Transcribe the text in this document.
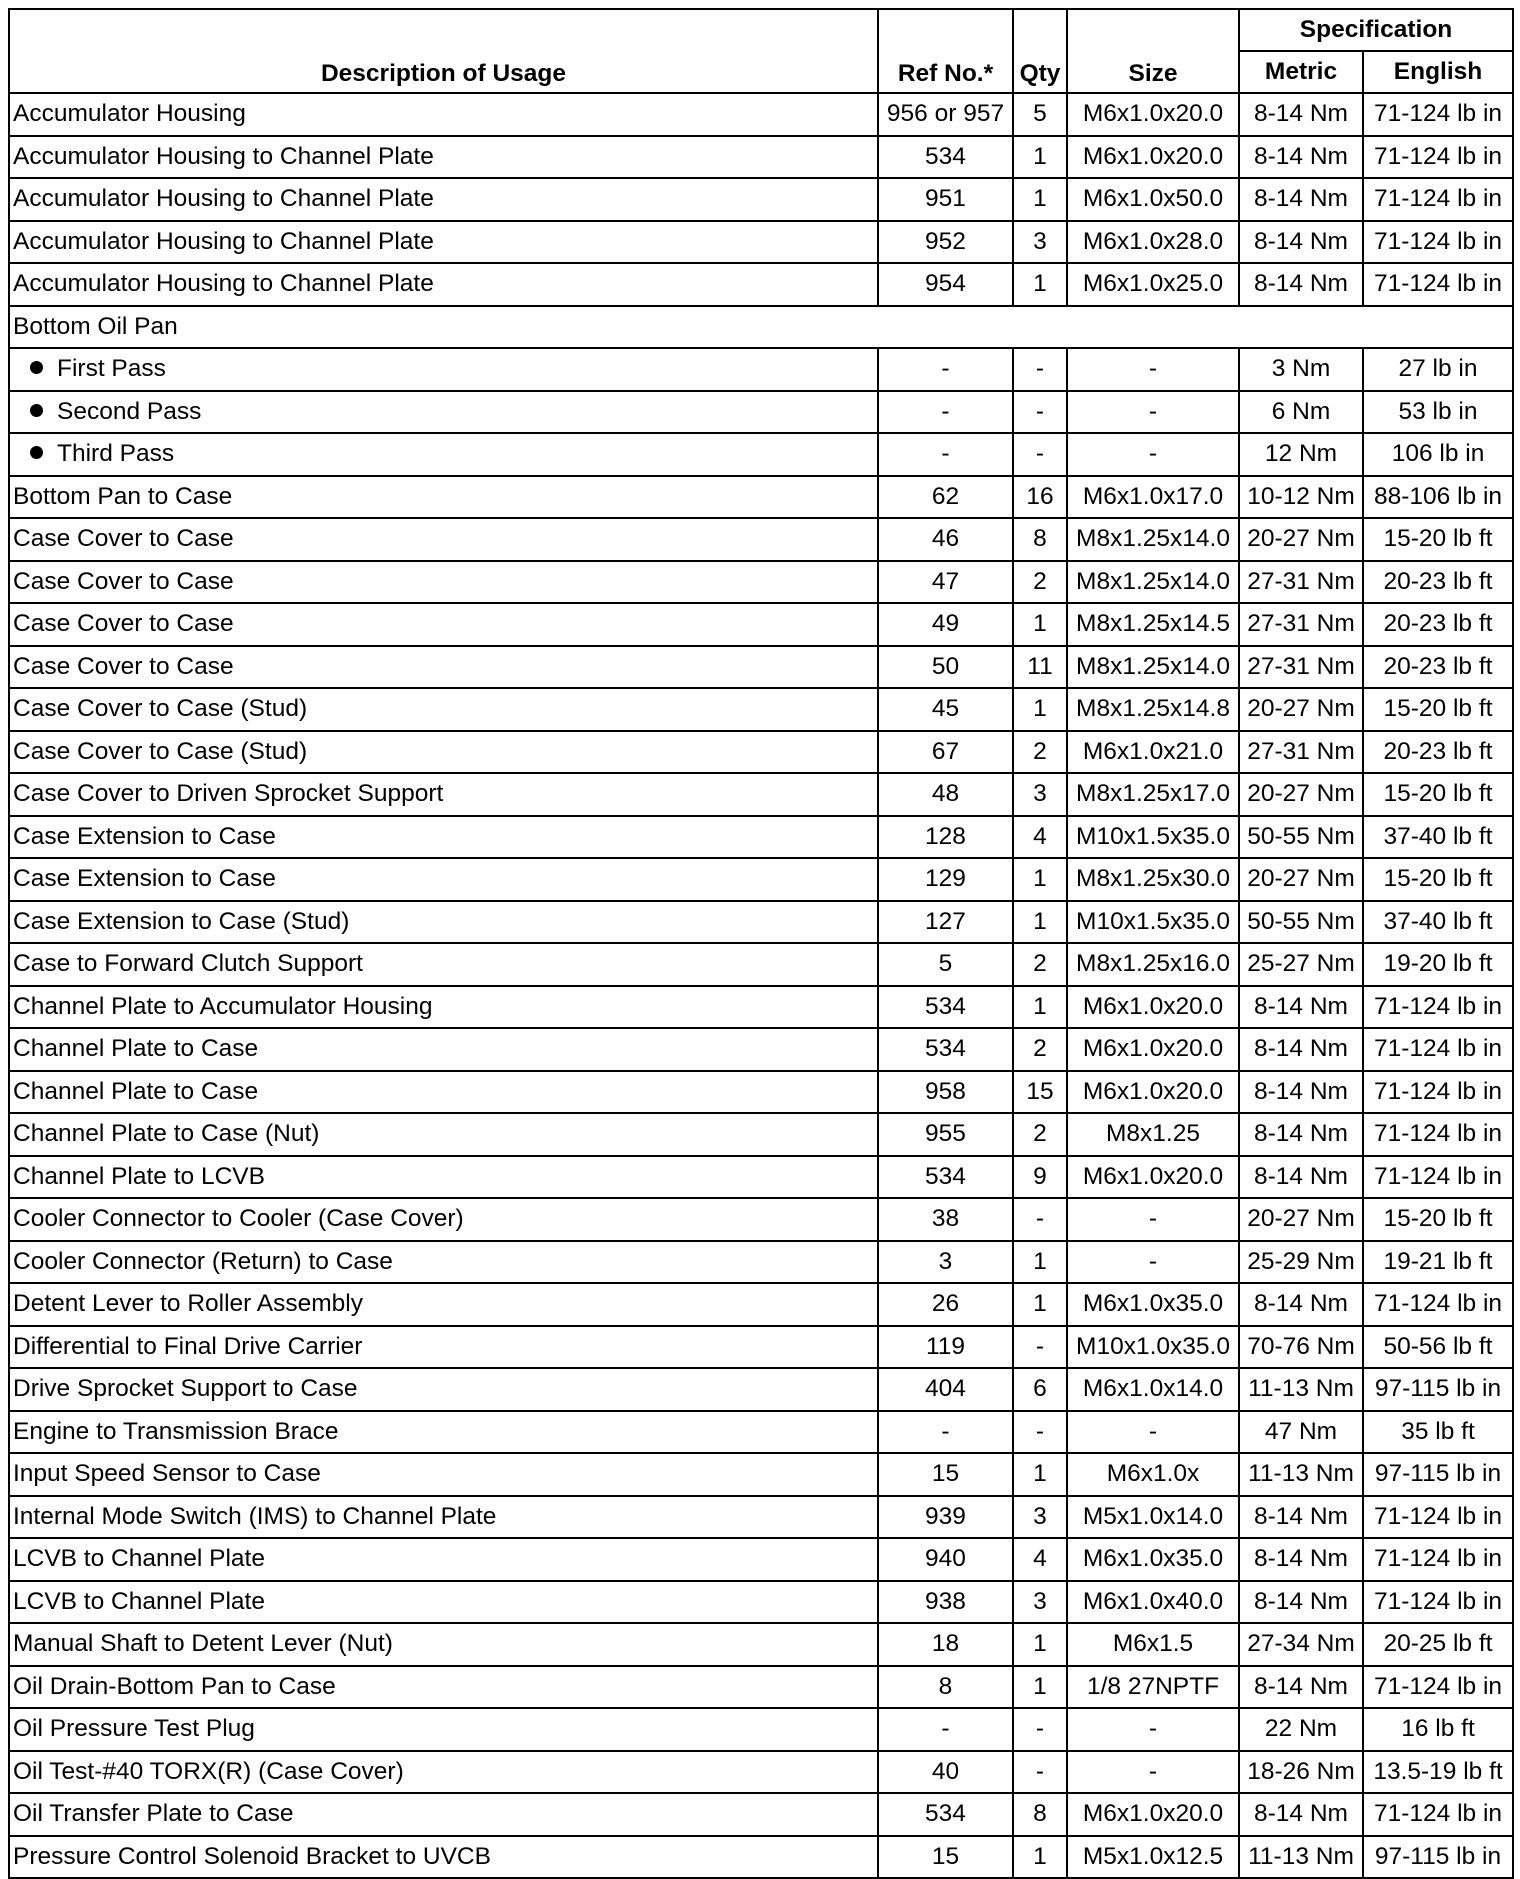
Description of Usage	Ref No.*	Qty	Size	Specification	
				Metric	English
Accumulator Housing	956 or 957	5	M6x1.0x20.0	8-14 Nm	71-124 lb in
Accumulator Housing to Channel Plate	534	1	M6x1.0x20.0	8-14 Nm	71-124 lb in
Accumulator Housing to Channel Plate	951	1	M6x1.0x50.0	8-14 Nm	71-124 lb in
Accumulator Housing to Channel Plate	952	3	M6x1.0x28.0	8-14 Nm	71-124 lb in
Accumulator Housing to Channel Plate	954	1	M6x1.0x25.0	8-14 Nm	71-124 lb in
Bottom Oil Pan					
First Pass	-	-	-	3 Nm	27 lb in
Second Pass	-	-	-	6 Nm	53 lb in
Third Pass	-	-	-	12 Nm	106 lb in
Bottom Pan to Case	62	16	M6x1.0x17.0	10-12 Nm	88-106 lb in
Case Cover to Case	46	8	M8x1.25x14.0	20-27 Nm	15-20 lb ft
Case Cover to Case	47	2	M8x1.25x14.0	27-31 Nm	20-23 lb ft
Case Cover to Case	49	1	M8x1.25x14.5	27-31 Nm	20-23 lb ft
Case Cover to Case	50	11	M8x1.25x14.0	27-31 Nm	20-23 lb ft
Case Cover to Case (Stud)	45	1	M8x1.25x14.8	20-27 Nm	15-20 lb ft
Case Cover to Case (Stud)	67	2	M6x1.0x21.0	27-31 Nm	20-23 lb ft
Case Cover to Driven Sprocket Support	48	3	M8x1.25x17.0	20-27 Nm	15-20 lb ft
Case Extension to Case	128	4	M10x1.5x35.0	50-55 Nm	37-40 lb ft
Case Extension to Case	129	1	M8x1.25x30.0	20-27 Nm	15-20 lb ft
Case Extension to Case (Stud)	127	1	M10x1.5x35.0	50-55 Nm	37-40 lb ft
Case to Forward Clutch Support	5	2	M8x1.25x16.0	25-27 Nm	19-20 lb ft
Channel Plate to Accumulator Housing	534	1	M6x1.0x20.0	8-14 Nm	71-124 lb in
Channel Plate to Case	534	2	M6x1.0x20.0	8-14 Nm	71-124 lb in
Channel Plate to Case	958	15	M6x1.0x20.0	8-14 Nm	71-124 lb in
Channel Plate to Case (Nut)	955	2	M8x1.25	8-14 Nm	71-124 lb in
Channel Plate to LCVB	534	9	M6x1.0x20.0	8-14 Nm	71-124 lb in
Cooler Connector to Cooler (Case Cover)	38	-	-	20-27 Nm	15-20 lb ft
Cooler Connector (Return) to Case	3	1	-	25-29 Nm	19-21 lb ft
Detent Lever to Roller Assembly	26	1	M6x1.0x35.0	8-14 Nm	71-124 lb in
Differential to Final Drive Carrier	119	-	M10x1.0x35.0	70-76 Nm	50-56 lb ft
Drive Sprocket Support to Case	404	6	M6x1.0x14.0	11-13 Nm	97-115 lb in
Engine to Transmission Brace	-	-	-	47 Nm	35 lb ft
Input Speed Sensor to Case	15	1	M6x1.0x	11-13 Nm	97-115 lb in
Internal Mode Switch (IMS) to Channel Plate	939	3	M5x1.0x14.0	8-14 Nm	71-124 lb in
LCVB to Channel Plate	940	4	M6x1.0x35.0	8-14 Nm	71-124 lb in
LCVB to Channel Plate	938	3	M6x1.0x40.0	8-14 Nm	71-124 lb in
Manual Shaft to Detent Lever (Nut)	18	1	M6x1.5	27-34 Nm	20-25 lb ft
Oil Drain-Bottom Pan to Case	8	1	1/8 27NPTF	8-14 Nm	71-124 lb in
Oil Pressure Test Plug	-	-	-	22 Nm	16 lb ft
Oil Test-#40 TORX(R) (Case Cover)	40	-	-	18-26 Nm	13.5-19 lb ft
Oil Transfer Plate to Case	534	8	M6x1.0x20.0	8-14 Nm	71-124 lb in
Pressure Control Solenoid Bracket to UVCB	15	1	M5x1.0x12.5	11-13 Nm	97-115 lb in
